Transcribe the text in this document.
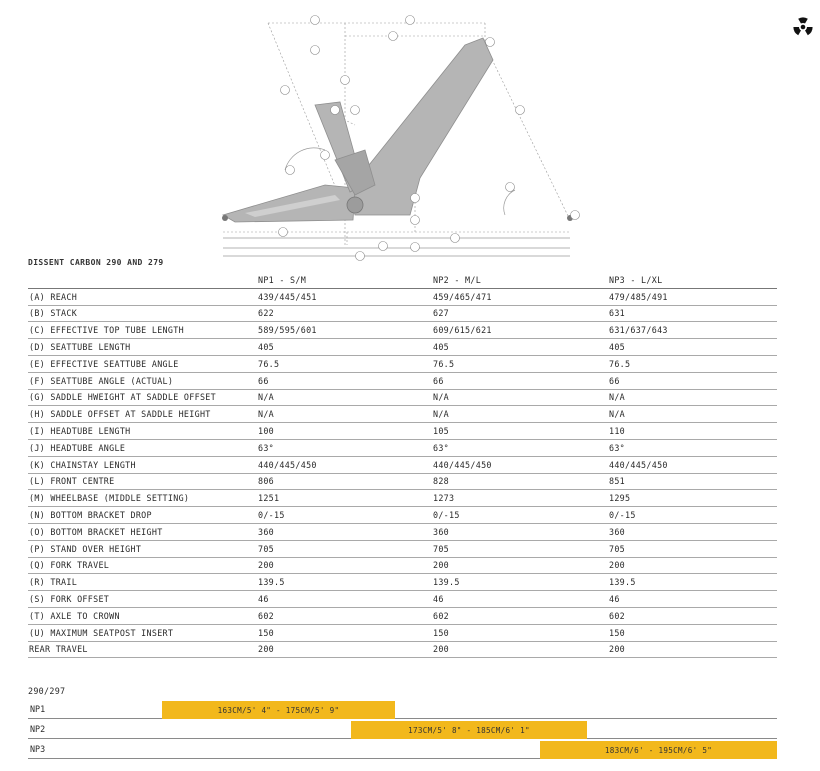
DISSENT CARBON 290 AND 279
	NP1 - S/M	NP2 - M/L	NP3 - L/XL
(A) REACH	439/445/451	459/465/471	479/485/491
(B) STACK	622	627	631
(C) EFFECTIVE TOP TUBE LENGTH	589/595/601	609/615/621	631/637/643
(D) SEATTUBE LENGTH	405	405	405
(E) EFFECTIVE SEATTUBE ANGLE	76.5	76.5	76.5
(F) SEATTUBE ANGLE (ACTUAL)	66	66	66
(G) SADDLE HWEIGHT AT SADDLE OFFSET	N/A	N/A	N/A
(H) SADDLE OFFSET AT SADDLE HEIGHT	N/A	N/A	N/A
(I) HEADTUBE LENGTH	100	105	110
(J) HEADTUBE ANGLE	63°	63°	63°
(K) CHAINSTAY LENGTH	440/445/450	440/445/450	440/445/450
(L) FRONT CENTRE	806	828	851
(M) WHEELBASE (MIDDLE SETTING)	1251	1273	1295
(N) BOTTOM BRACKET DROP	0/-15	0/-15	0/-15
(O) BOTTOM BRACKET HEIGHT	360	360	360
(P) STAND OVER HEIGHT	705	705	705
(Q) FORK TRAVEL	200	200	200
(R) TRAIL	139.5	139.5	139.5
(S) FORK OFFSET	46	46	46
(T) AXLE TO CROWN	602	602	602
(U) MAXIMUM SEATPOST INSERT	150	150	150
REAR TRAVEL	200	200	200
290/297
NP1	163CM/5' 4" - 175CM/5' 9"
NP2	173CM/5' 8" - 185CM/6' 1"
NP3	183CM/6' - 195CM/6' 5"
